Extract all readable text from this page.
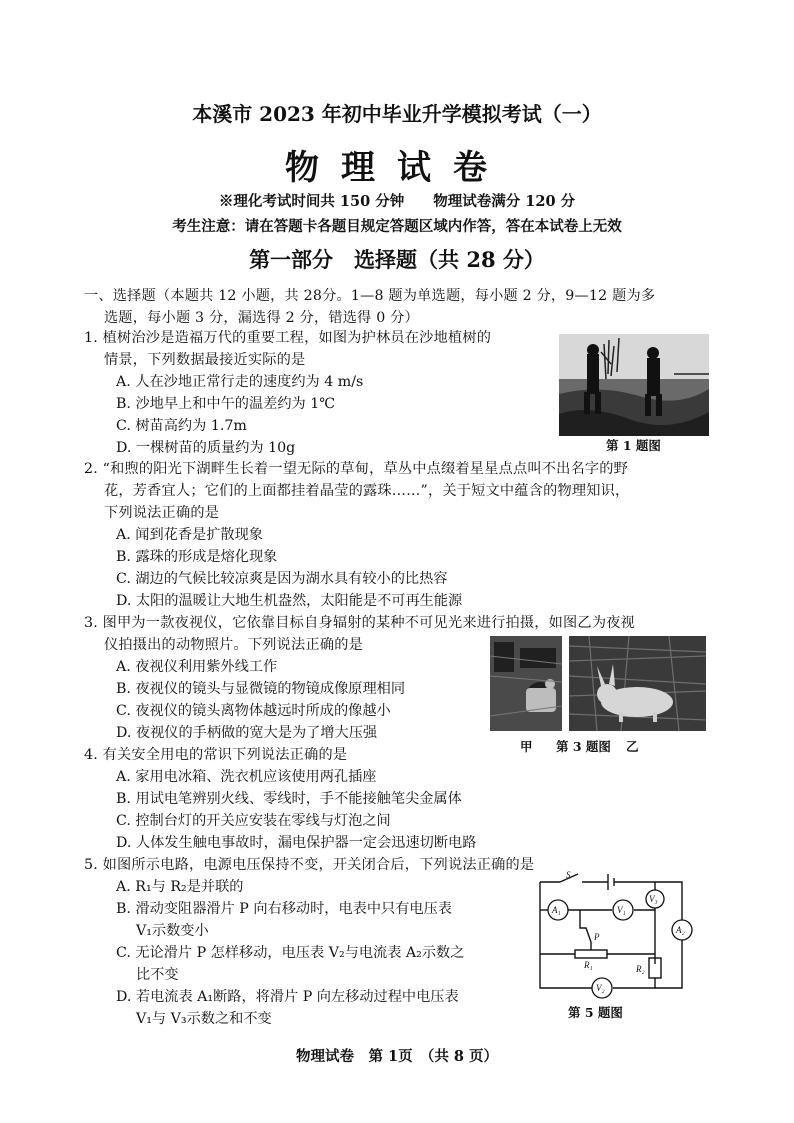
本溪市 2023 年初中毕业升学模拟考试（一）
物理试卷
※理化考试时间共 150 分钟　　物理试卷满分 120 分
考生注意：请在答题卡各题目规定答题区域内作答，答在本试卷上无效
第一部分　选择题（共 28 分）
一、选择题（本题共 12 小题，共 28分。1—8 题为单选题，每小题 2 分，9—12 题为多
选题，每小题 3 分，漏选得 2 分，错选得 0 分）
1. 植树治沙是造福万代的重要工程，如图为护林员在沙地植树的
情景，下列数据最接近实际的是
A. 人在沙地正常行走的速度约为 4 m/s
B. 沙地早上和中午的温差约为 1℃
C. 树苗高约为 1.7m
D. 一棵树苗的质量约为 10g	第 1 题图
2. “和煦的阳光下湖畔生长着一望无际的草甸，草丛中点缀着星星点点叫不出名字的野
花，芳香宜人；它们的上面都挂着晶莹的露珠……”，关于短文中蕴含的物理知识，
下列说法正确的是
A. 闻到花香是扩散现象
B. 露珠的形成是熔化现象
C. 湖边的气候比较凉爽是因为湖水具有较小的比热容
D. 太阳的温暖让大地生机盎然，太阳能是不可再生能源
3. 图甲为一款夜视仪，它依靠目标自身辐射的某种不可见光来进行拍摄，如图乙为夜视
仪拍摄出的动物照片。下列说法正确的是
A. 夜视仪利用紫外线工作
B. 夜视仪的镜头与显微镜的物镜成像原理相同
C. 夜视仪的镜头离物体越远时所成的像越小
D. 夜视仪的手柄做的宽大是为了增大压强
甲 第 3 题图 乙
4. 有关安全用电的常识下列说法正确的是
A. 家用电冰箱、洗衣机应该使用两孔插座
B. 用试电笔辨别火线、零线时，手不能接触笔尖金属体
C. 控制台灯的开关应安装在零线与灯泡之间
D. 人体发生触电事故时，漏电保护器一定会迅速切断电路
5. 如图所示电路，电源电压保持不变，开关闭合后，下列说法正确的是
A. R₁与 R₂是并联的
B. 滑动变阻器滑片 P 向右移动时，电表中只有电压表
V₁示数变小
C. 无论滑片 P 怎样移动，电压表 V₂与电流表 A₂示数之
比不变
D. 若电流表 A₁断路，将滑片 P 向左移动过程中电压表
V₁与 V₃示数之和不变
S
A₁	V₁
V₃
A₂
V₂
P
R₁	R₂
第 5 题图
物理试卷　第 1页　（共 8 页）
